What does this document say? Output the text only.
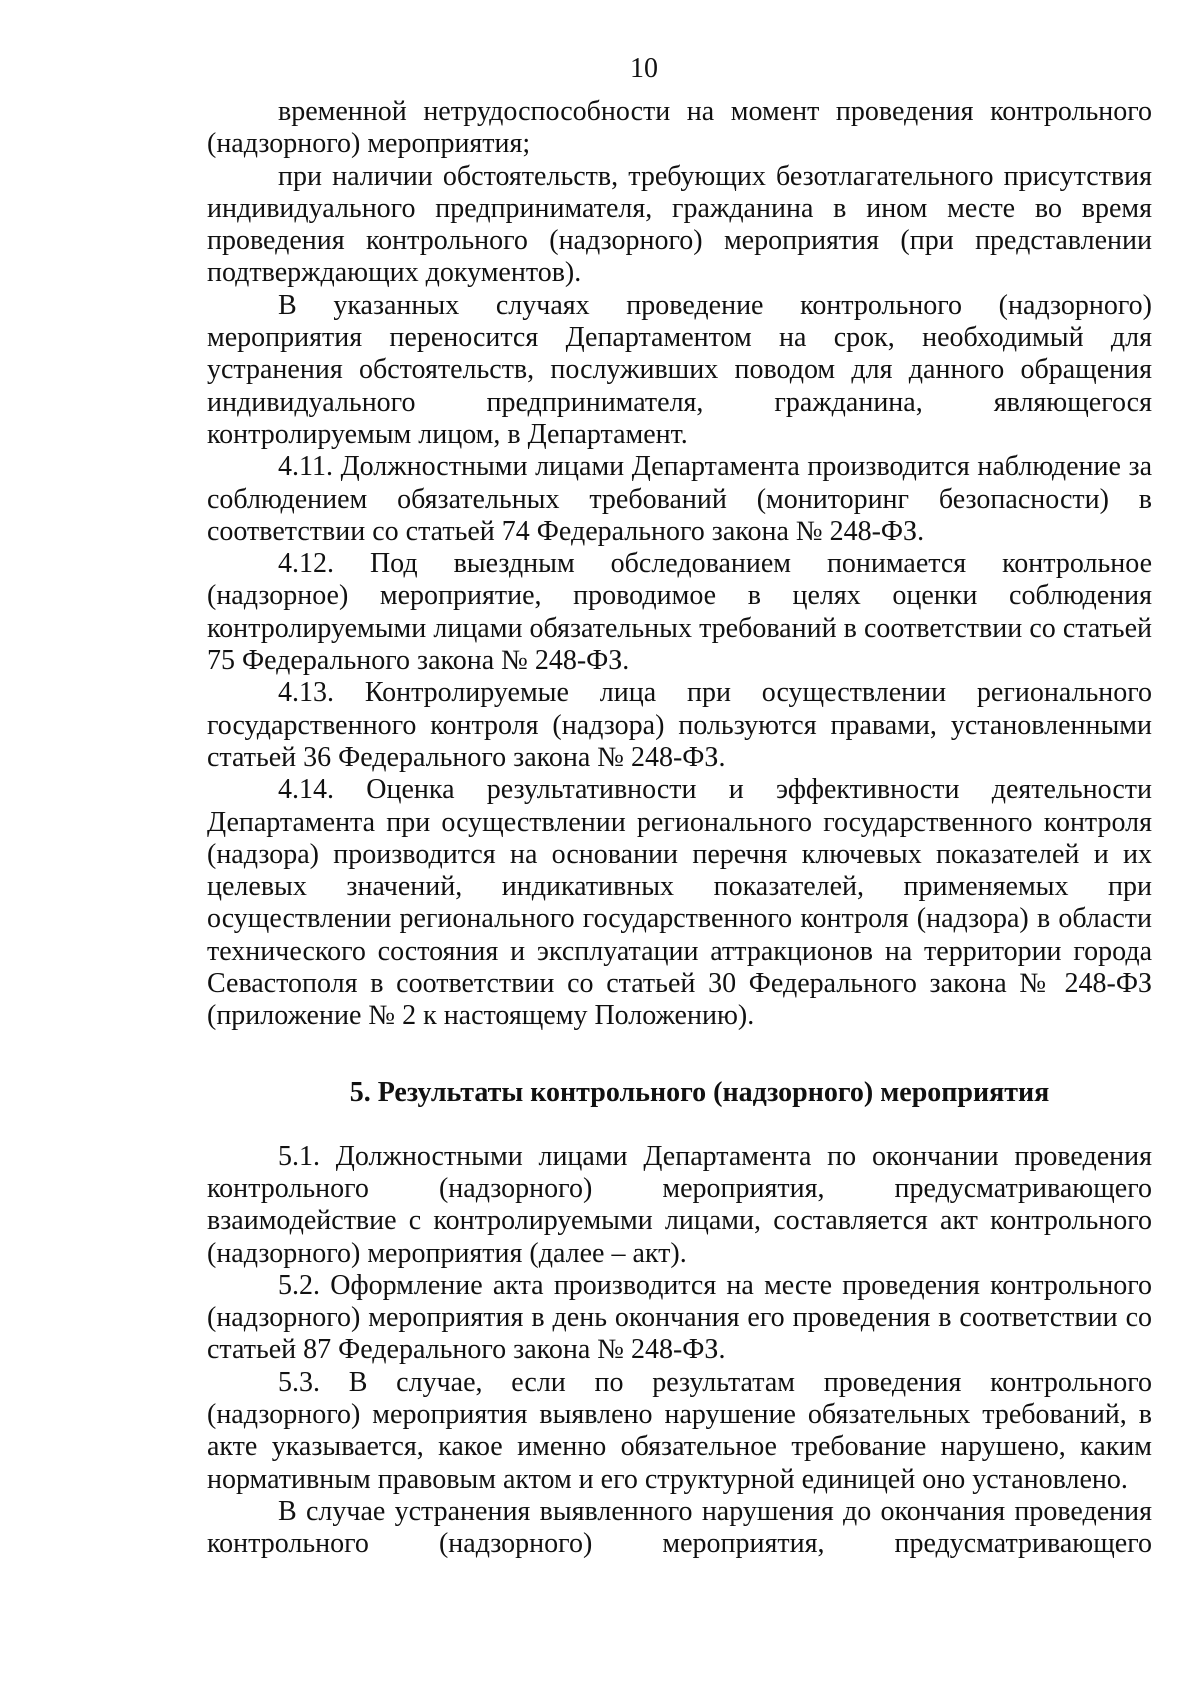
10

временной нетрудоспособности на момент проведения контрольного (надзорного) мероприятия;

при наличии обстоятельств, требующих безотлагательного присутствия индивидуального предпринимателя, гражданина в ином месте во время проведения контрольного (надзорного) мероприятия (при представлении подтверждающих документов).

В указанных случаях проведение контрольного (надзорного) мероприятия переносится Департаментом на срок, необходимый для устранения обстоятельств, послуживших поводом для данного обращения индивидуального предпринимателя, гражданина, являющегося контролируемым лицом, в Департамент.

4.11. Должностными лицами Департамента производится наблюдение за соблюдением обязательных требований (мониторинг безопасности) в соответствии со статьей 74 Федерального закона № 248-ФЗ.

4.12. Под выездным обследованием понимается контрольное (надзорное) мероприятие, проводимое в целях оценки соблюдения контролируемыми лицами обязательных требований в соответствии со статьей 75 Федерального закона № 248-ФЗ.

4.13. Контролируемые лица при осуществлении регионального государственного контроля (надзора) пользуются правами, установленными статьей 36 Федерального закона № 248-ФЗ.

4.14. Оценка результативности и эффективности деятельности Департамента при осуществлении регионального государственного контроля (надзора) производится на основании перечня ключевых показателей и их целевых значений, индикативных показателей, применяемых при осуществлении регионального государственного контроля (надзора) в области технического состояния и эксплуатации аттракционов на территории города Севастополя в соответствии со статьей 30 Федерального закона № 248-ФЗ (приложение № 2 к настоящему Положению).

5. Результаты контрольного (надзорного) мероприятия

5.1. Должностными лицами Департамента по окончании проведения контрольного (надзорного) мероприятия, предусматривающего взаимодействие с контролируемыми лицами, составляется акт контрольного (надзорного) мероприятия (далее – акт).

5.2. Оформление акта производится на месте проведения контрольного (надзорного) мероприятия в день окончания его проведения в соответствии со статьей 87 Федерального закона № 248-ФЗ.

5.3. В случае, если по результатам проведения контрольного (надзорного) мероприятия выявлено нарушение обязательных требований, в акте указывается, какое именно обязательное требование нарушено, каким нормативным правовым актом и его структурной единицей оно установлено.

В случае устранения выявленного нарушения до окончания проведения контрольного (надзорного) мероприятия, предусматривающего
